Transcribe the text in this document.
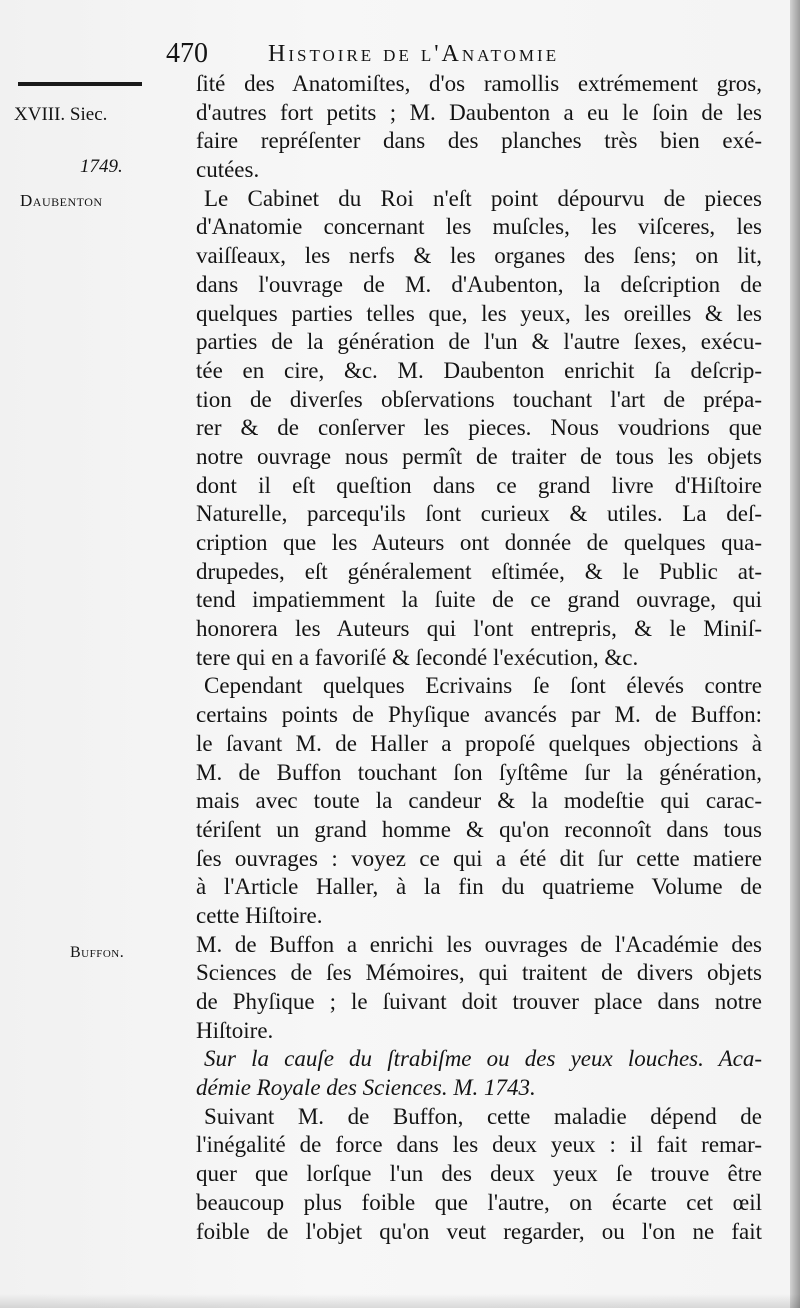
470	Histoire de l'Anatomie
XVIII. Siec.
1749.
Daubenton
Buffon.
ſité des Anatomiſtes, d'os ramollis extrémement gros,
d'autres fort petits ; M. Daubenton a eu le ſoin de les
faire repréſenter dans des planches très bien exé-
cutées.
Le Cabinet du Roi n'eſt point dépourvu de pieces
d'Anatomie concernant les muſcles, les viſceres, les
vaiſſeaux, les nerfs & les organes des ſens; on lit,
dans l'ouvrage de M. d'Aubenton, la deſcription de
quelques parties telles que, les yeux, les oreilles & les
parties de la génération de l'un & l'autre ſexes, exécu-
tée en cire, &c. M. Daubenton enrichit ſa deſcrip-
tion de diverſes obſervations touchant l'art de prépa-
rer & de conſerver les pieces. Nous voudrions que
notre ouvrage nous permît de traiter de tous les objets
dont il eſt queſtion dans ce grand livre d'Hiſtoire
Naturelle, parcequ'ils ſont curieux & utiles. La deſ-
cription que les Auteurs ont donnée de quelques qua-
drupedes, eſt généralement eſtimée, & le Public at-
tend impatiemment la ſuite de ce grand ouvrage, qui
honorera les Auteurs qui l'ont entrepris, & le Miniſ-
tere qui en a favoriſé & ſecondé l'exécution, &c.
Cependant quelques Ecrivains ſe ſont élevés contre
certains points de Phyſique avancés par M. de Buffon:
le ſavant M. de Haller a propoſé quelques objections à
M. de Buffon touchant ſon ſyſtême ſur la génération,
mais avec toute la candeur & la modeſtie qui carac-
tériſent un grand homme & qu'on reconnoît dans tous
ſes ouvrages : voyez ce qui a été dit ſur cette matiere
à l'Article Haller, à la fin du quatrieme Volume de
cette Hiſtoire.
M. de Buffon a enrichi les ouvrages de l'Académie des
Sciences de ſes Mémoires, qui traitent de divers objets
de Phyſique ; le ſuivant doit trouver place dans notre
Hiſtoire.
Sur la cauſe du ſtrabiſme ou des yeux louches. Aca-
démie Royale des Sciences. M. 1743.
Suivant M. de Buffon, cette maladie dépend de
l'inégalité de force dans les deux yeux : il fait remar-
quer que lorſque l'un des deux yeux ſe trouve être
beaucoup plus foible que l'autre, on écarte cet œil
foible de l'objet qu'on veut regarder, ou l'on ne fait
